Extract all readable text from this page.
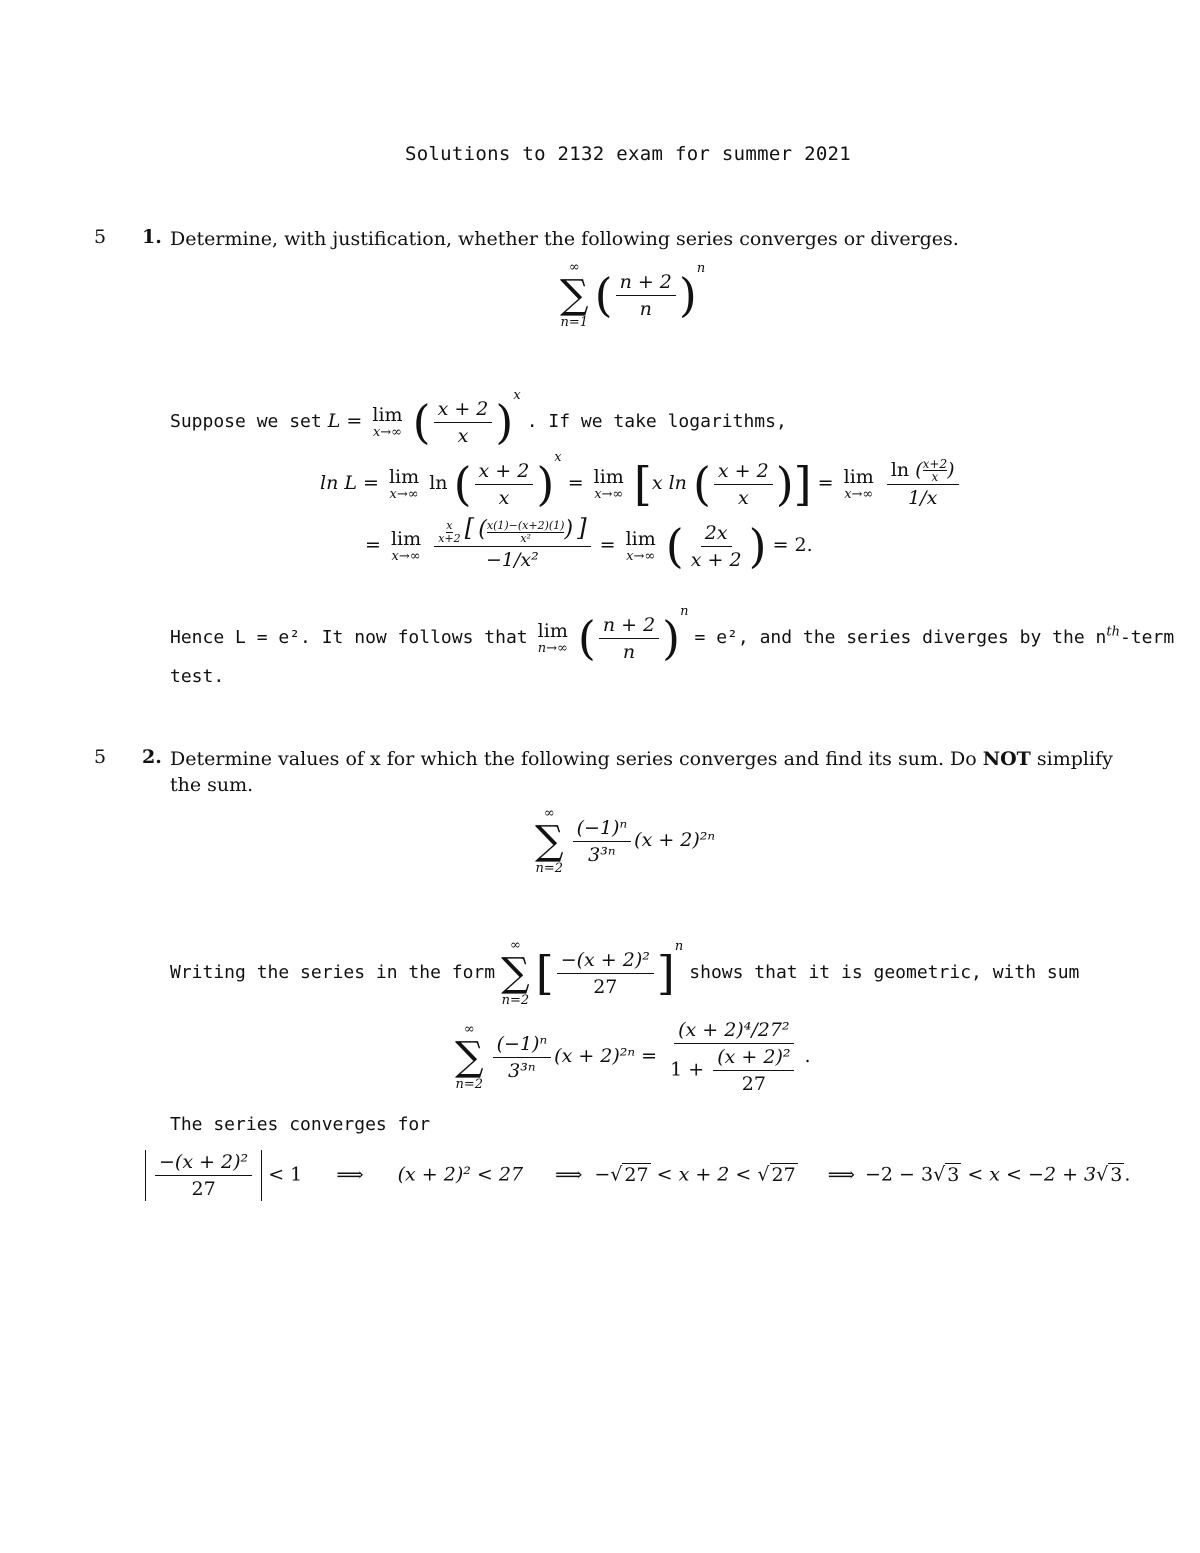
Solutions to 2132 exam for summer 2021
5 1. Determine, with justification, whether the following series converges or diverges.
∞
∑
n=1
( $\frac{n + 2}{n} )^n$
Suppose we set L = lim
x→∞ ( $\frac{x + 2}{x} )^x$ . If we take logarithms,
ln L = lim
x→∞
ln ( $\frac{x + 2}{x} )^x = \lim$
x→∞ [x ln ( $\frac{x + 2}{x}$ )] = lim
x→∞
$\frac{\ln ( \frac{x+2}{x} )}{1/x}$
= lim
x→∞
$\frac{\frac{x}{x+2} [ ( \frac{x(1)-(x+2)(1)}{\text{x²}} ) ]}{\text{−1/x²}} = \lim$
x→∞ ( $\frac{2x}{x + 2}$ ) = 2.
Hence L = e². It now follows that lim
n→∞ ( $\frac{n + 2}{n} )^n = e^2$, and the series diverges by the $n^{th}$-term
test.
5 2. Determine values of x for which the following series converges and find its sum. Do NOT simplify
the sum.
∞
∑
n=2

$\frac{\text{(−1)ⁿ}}{\text{3³ⁿ}} (x + 2)^{2n}$
Writing the series in the form
∞
∑
n=2
[ $\frac{\text{−(x + 2)²}}{27} ]^n$ shows that it is geometric, with sum
∞
∑
n=2

$\frac{\text{(−1)ⁿ}}{\text{3³ⁿ}} (x + 2)^{2n} = \frac{\text{(x + 2)⁴/27²}}{1 + \frac{\text{(x + 2)²}}{27}}$ .
The series converges for
$\frac{\text{−(x + 2)²}}{27} < 1$ ⟹ (x + 2)² < 27 ⟹ −√ 27 < x + 2 < √ 27 ⟹ −2 − 3√ 3 < x < −2 + 3√ 3 .
